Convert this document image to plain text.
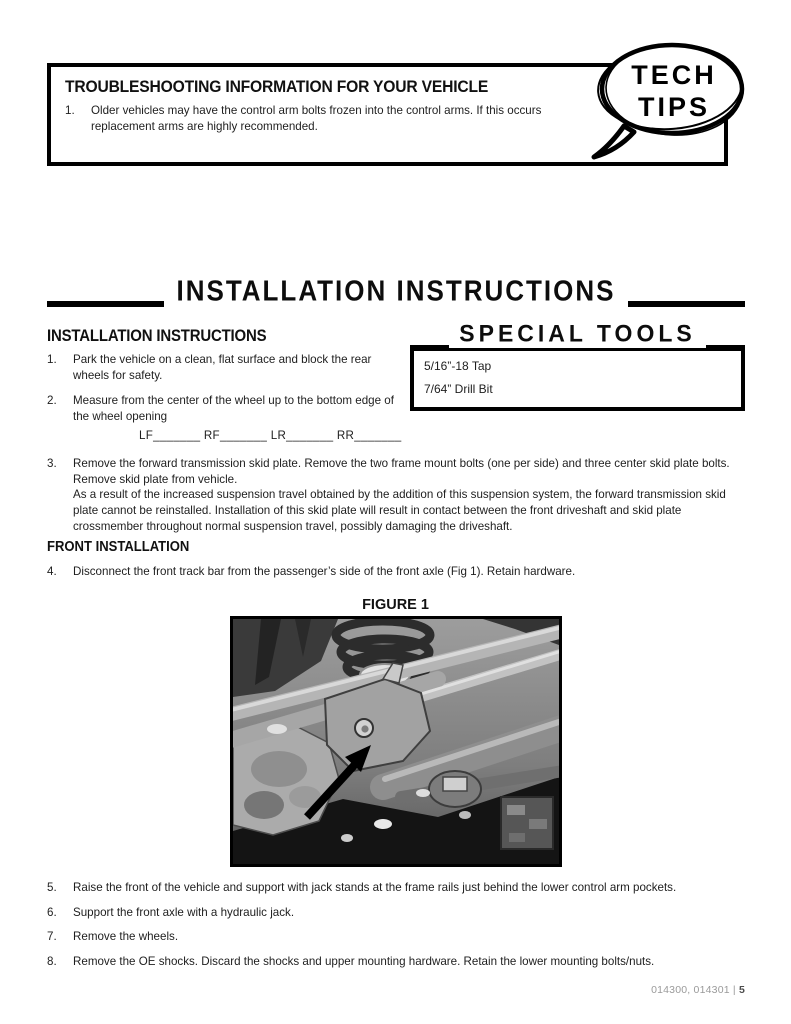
TROUBLESHOOTING INFORMATION FOR YOUR VEHICLE
1.	Older vehicles may have the control arm bolts frozen into the control arms. If this occurs replacement arms are highly recommended.
TECH
TIPS
INSTALLATION INSTRUCTIONS
INSTALLATION INSTRUCTIONS
1.	Park the vehicle on a clean, flat surface and block the rear wheels for safety.
2.	Measure from the center of the wheel up to the bottom edge of the wheel opening
LF_______ RF_______ LR_______ RR_______
SPECIAL TOOLS
5/16”-18 Tap
7/64” Drill Bit
3.	Remove the forward transmission skid plate. Remove the two frame mount bolts (one per side) and three center skid plate bolts. Remove skid plate from vehicle.

As a result of the increased suspension travel obtained by the addition of this suspension system, the forward transmission skid plate cannot be reinstalled. Installation of this skid plate will result in contact between the front driveshaft and skid plate crossmember throughout normal suspension travel, possibly damaging the driveshaft.

FRONT INSTALLATION
4.	Disconnect the front track bar from the passenger’s side of the front axle (Fig 1). Retain hardware.
FIGURE 1
5.	Raise the front of the vehicle and support with jack stands at the frame rails just behind the lower control arm pockets.
6.	Support the front axle with a hydraulic jack.
7.	Remove the wheels.
8.	Remove the OE shocks. Discard the shocks and upper mounting hardware. Retain the lower mounting bolts/nuts.
014300, 014301 | 5
